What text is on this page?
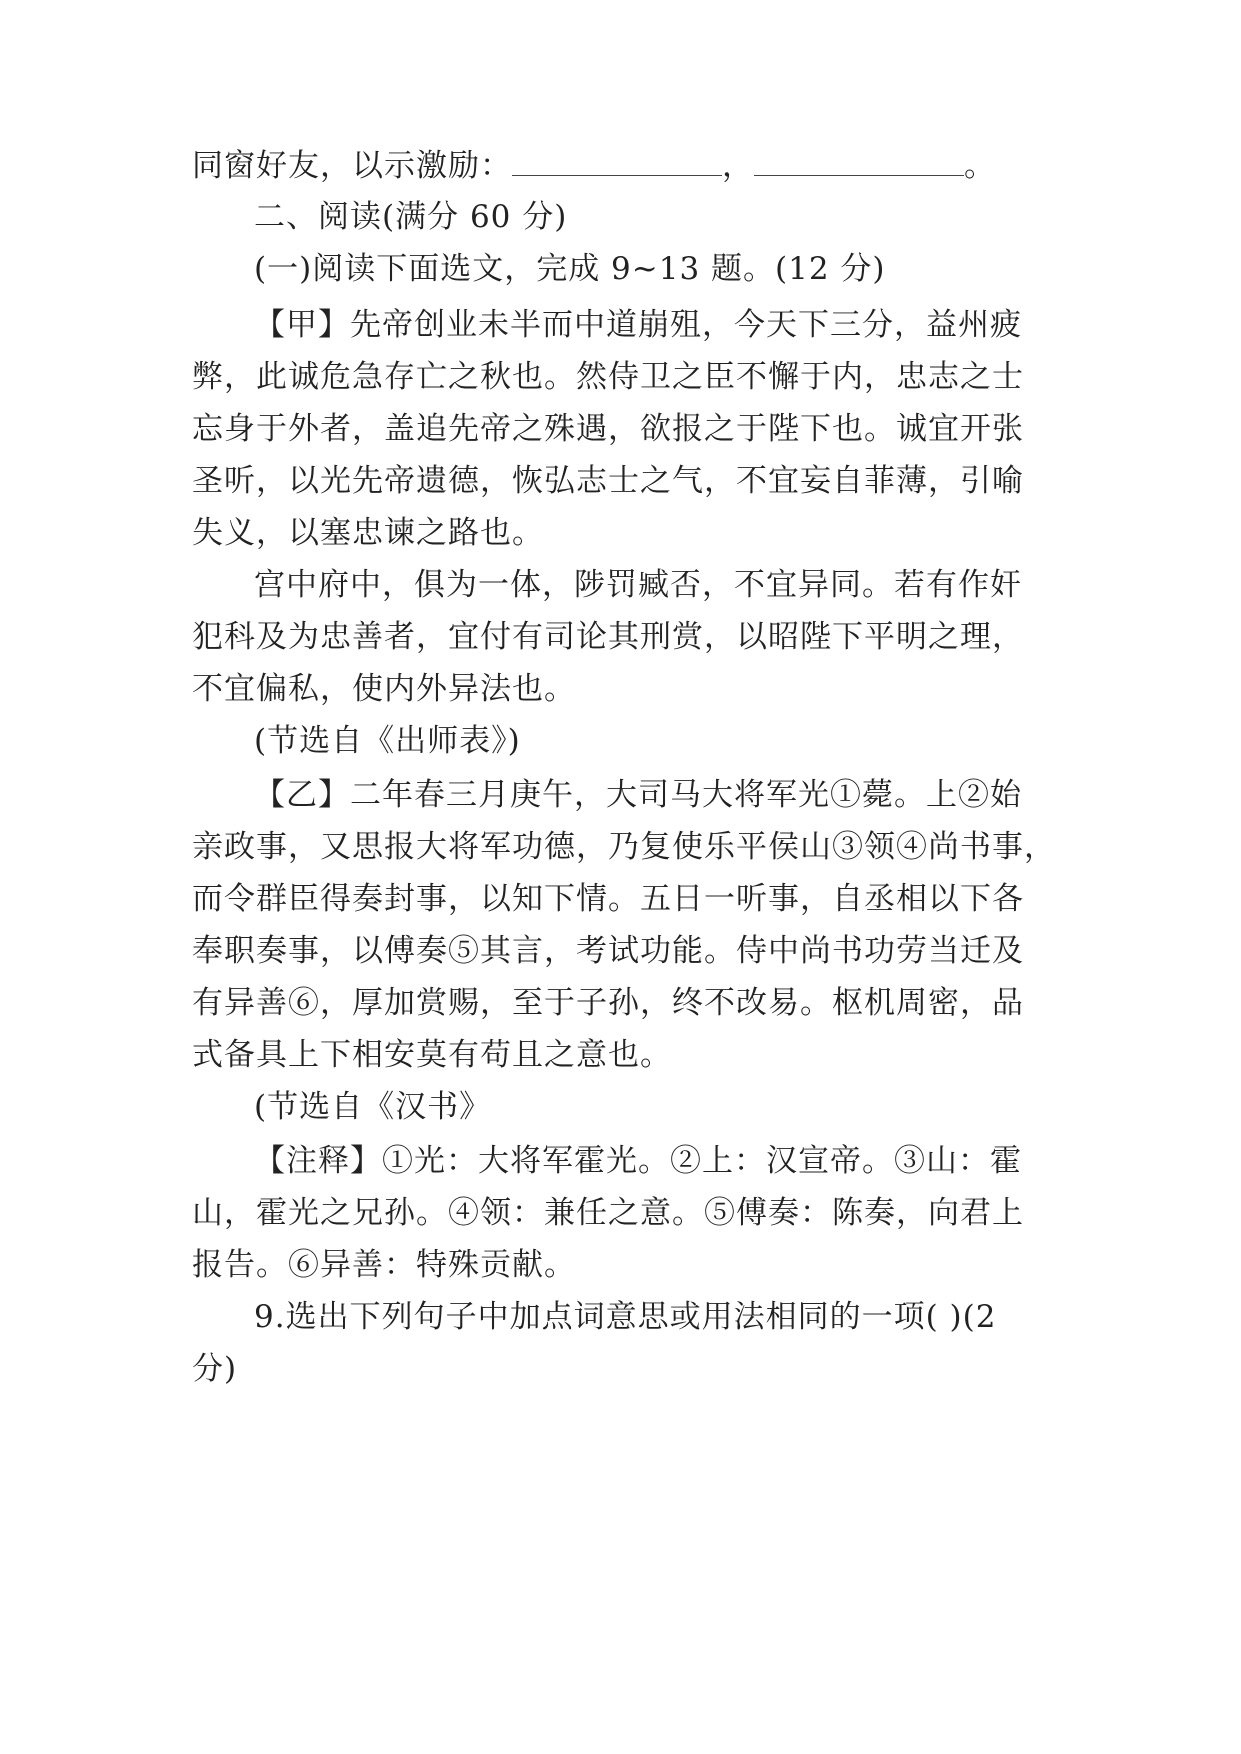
同窗好友，以示激励：	，	。
二、阅读(满分 60 分)
(一)阅读下面选文，完成 9~13 题。(12 分)
【甲】先帝创业未半而中道崩殂，今天下三分，益州疲
弊，此诚危急存亡之秋也。然侍卫之臣不懈于内，忠志之士
忘身于外者，盖追先帝之殊遇，欲报之于陛下也。诚宜开张
圣听，以光先帝遗德，恢弘志士之气，不宜妄自菲薄，引喻
失义，以塞忠谏之路也。
宫中府中，俱为一体，陟罚臧否，不宜异同。若有作奸
犯科及为忠善者，宜付有司论其刑赏，以昭陛下平明之理，
不宜偏私，使内外异法也。
(节选自《出师表》)
【乙】二年春三月庚午，大司马大将军光①薨。上②始
亲政事，又思报大将军功德，乃复使乐平侯山③领④尚书事，
而令群臣得奏封事，以知下情。五日一听事，自丞相以下各
奉职奏事，以傅奏⑤其言，考试功能。侍中尚书功劳当迁及
有异善⑥，厚加赏赐，至于子孙，终不改易。枢机周密，品
式备具上下相安莫有苟且之意也。
(节选自《汉书》
【注释】①光：大将军霍光。②上：汉宣帝。③山：霍
山，霍光之兄孙。④领：兼任之意。⑤傅奏：陈奏，向君上
报告。⑥异善：特殊贡献。
9.选出下列句子中加点词意思或用法相同的一项( )(2
分)
